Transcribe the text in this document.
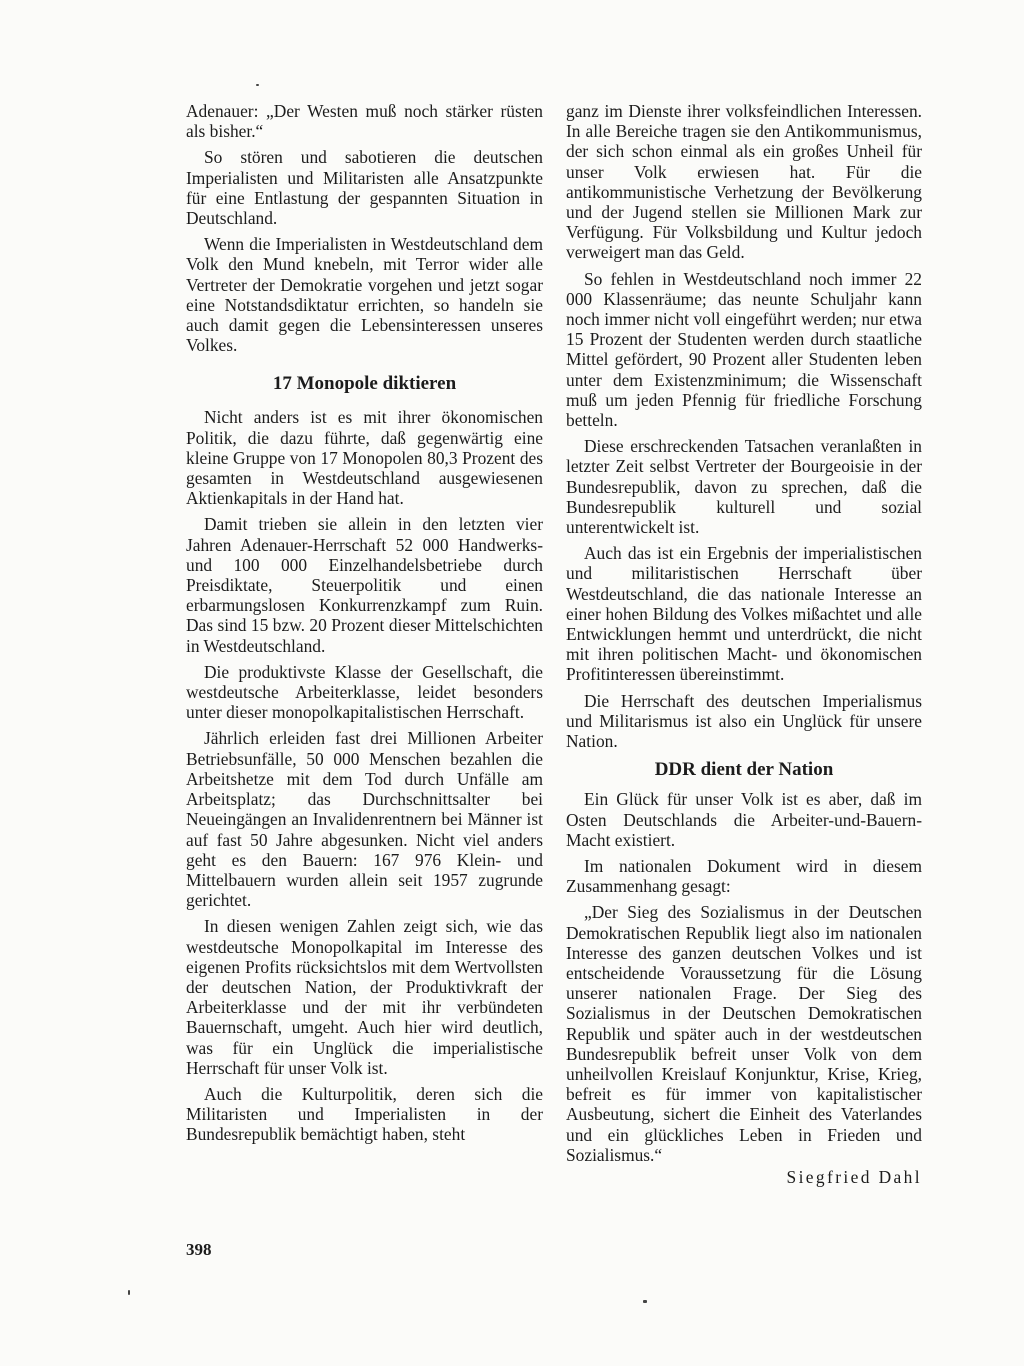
Adenauer: „Der Westen muß noch stärker rüsten als bisher.“

So stören und sabotieren die deutschen Imperialisten und Militaristen alle Ansatzpunkte für eine Entlastung der gespannten Situation in Deutschland.

Wenn die Imperialisten in Westdeutschland dem Volk den Mund knebeln, mit Terror wider alle Vertreter der Demokratie vorgehen und jetzt sogar eine Notstandsdiktatur errichten, so handeln sie auch damit gegen die Lebensinteressen unseres Volkes.

17 Monopole diktieren

Nicht anders ist es mit ihrer ökonomischen Politik, die dazu führte, daß gegenwärtig eine kleine Gruppe von 17 Monopolen 80,3 Prozent des gesamten in Westdeutschland ausgewiesenen Aktienkapitals in der Hand hat.

Damit trieben sie allein in den letzten vier Jahren Adenauer-Herrschaft 52 000 Handwerks- und 100 000 Einzelhandelsbetriebe durch Preisdiktate, Steuerpolitik und einen erbarmungslosen Konkurrenzkampf zum Ruin. Das sind 15 bzw. 20 Prozent dieser Mittelschichten in Westdeutschland.

Die produktivste Klasse der Gesellschaft, die westdeutsche Arbeiterklasse, leidet besonders unter dieser monopolkapitalistischen Herrschaft.

Jährlich erleiden fast drei Millionen Arbeiter Betriebsunfälle, 50 000 Menschen bezahlen die Arbeitshetze mit dem Tod durch Unfälle am Arbeitsplatz; das Durchschnittsalter bei Neueingängen an Invalidenrentnern bei Männer ist auf fast 50 Jahre abgesunken. Nicht viel anders geht es den Bauern: 167 976 Klein- und Mittelbauern wurden allein seit 1957 zugrunde gerichtet.

In diesen wenigen Zahlen zeigt sich, wie das westdeutsche Monopolkapital im Interesse des eigenen Profits rücksichtslos mit dem Wertvollsten der deutschen Nation, der Produktivkraft der Arbeiterklasse und der mit ihr verbündeten Bauernschaft, umgeht. Auch hier wird deutlich, was für ein Unglück die imperialistische Herrschaft für unser Volk ist.

Auch die Kulturpolitik, deren sich die Militaristen und Imperialisten in der Bundesrepublik bemächtigt haben, steht

ganz im Dienste ihrer volksfeindlichen Interessen. In alle Bereiche tragen sie den Antikommunismus, der sich schon einmal als ein großes Unheil für unser Volk erwiesen hat. Für die antikommunistische Verhetzung der Bevölkerung und der Jugend stellen sie Millionen Mark zur Verfügung. Für Volksbildung und Kultur jedoch verweigert man das Geld.

So fehlen in Westdeutschland noch immer 22 000 Klassenräume; das neunte Schuljahr kann noch immer nicht voll eingeführt werden; nur etwa 15 Prozent der Studenten werden durch staatliche Mittel gefördert, 90 Prozent aller Studenten leben unter dem Existenzminimum; die Wissenschaft muß um jeden Pfennig für friedliche Forschung betteln.

Diese erschreckenden Tatsachen veranlaßten in letzter Zeit selbst Vertreter der Bourgeoisie in der Bundesrepublik, davon zu sprechen, daß die Bundesrepublik kulturell und sozial unterentwickelt ist.

Auch das ist ein Ergebnis der imperialistischen und militaristischen Herrschaft über Westdeutschland, die das nationale Interesse an einer hohen Bildung des Volkes mißachtet und alle Entwicklungen hemmt und unterdrückt, die nicht mit ihren politischen Macht- und ökonomischen Profitinteressen übereinstimmt.

Die Herrschaft des deutschen Imperialismus und Militarismus ist also ein Unglück für unsere Nation.

DDR dient der Nation

Ein Glück für unser Volk ist es aber, daß im Osten Deutschlands die Arbeiter-und-Bauern-Macht existiert.

Im nationalen Dokument wird in diesem Zusammenhang gesagt:

„Der Sieg des Sozialismus in der Deutschen Demokratischen Republik liegt also im nationalen Interesse des ganzen deutschen Volkes und ist entscheidende Voraussetzung für die Lösung unserer nationalen Frage. Der Sieg des Sozialismus in der Deutschen Demokratischen Republik und später auch in der westdeutschen Bundesrepublik befreit unser Volk von dem unheilvollen Kreislauf Konjunktur, Krise, Krieg, befreit es für immer von kapitalistischer Ausbeutung, sichert die Einheit des Vaterlandes und ein glückliches Leben in Frieden und Sozialismus.“

Siegfried Dahl
398
